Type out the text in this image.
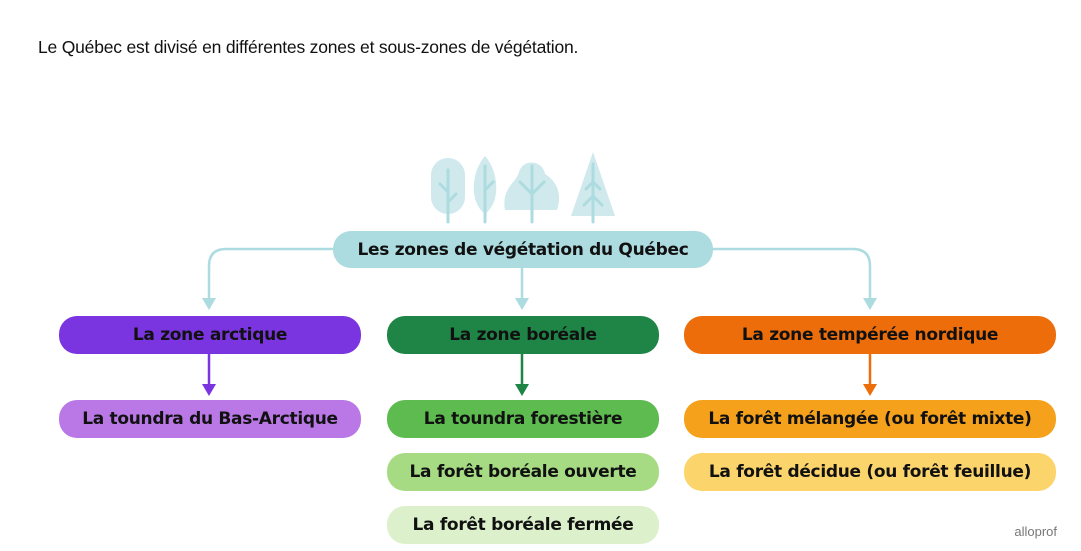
Le Québec est divisé en différentes zones et sous-zones de végétation.
Les zones de végétation du Québec
La zone arctique	La zone boréale	La zone tempérée nordique
La toundra du Bas-Arctique	La toundra forestière
La forêt boréale ouverte
La forêt boréale fermée
La forêt mélangée (ou forêt mixte)
La forêt décidue (ou forêt feuillue)
alloprof
